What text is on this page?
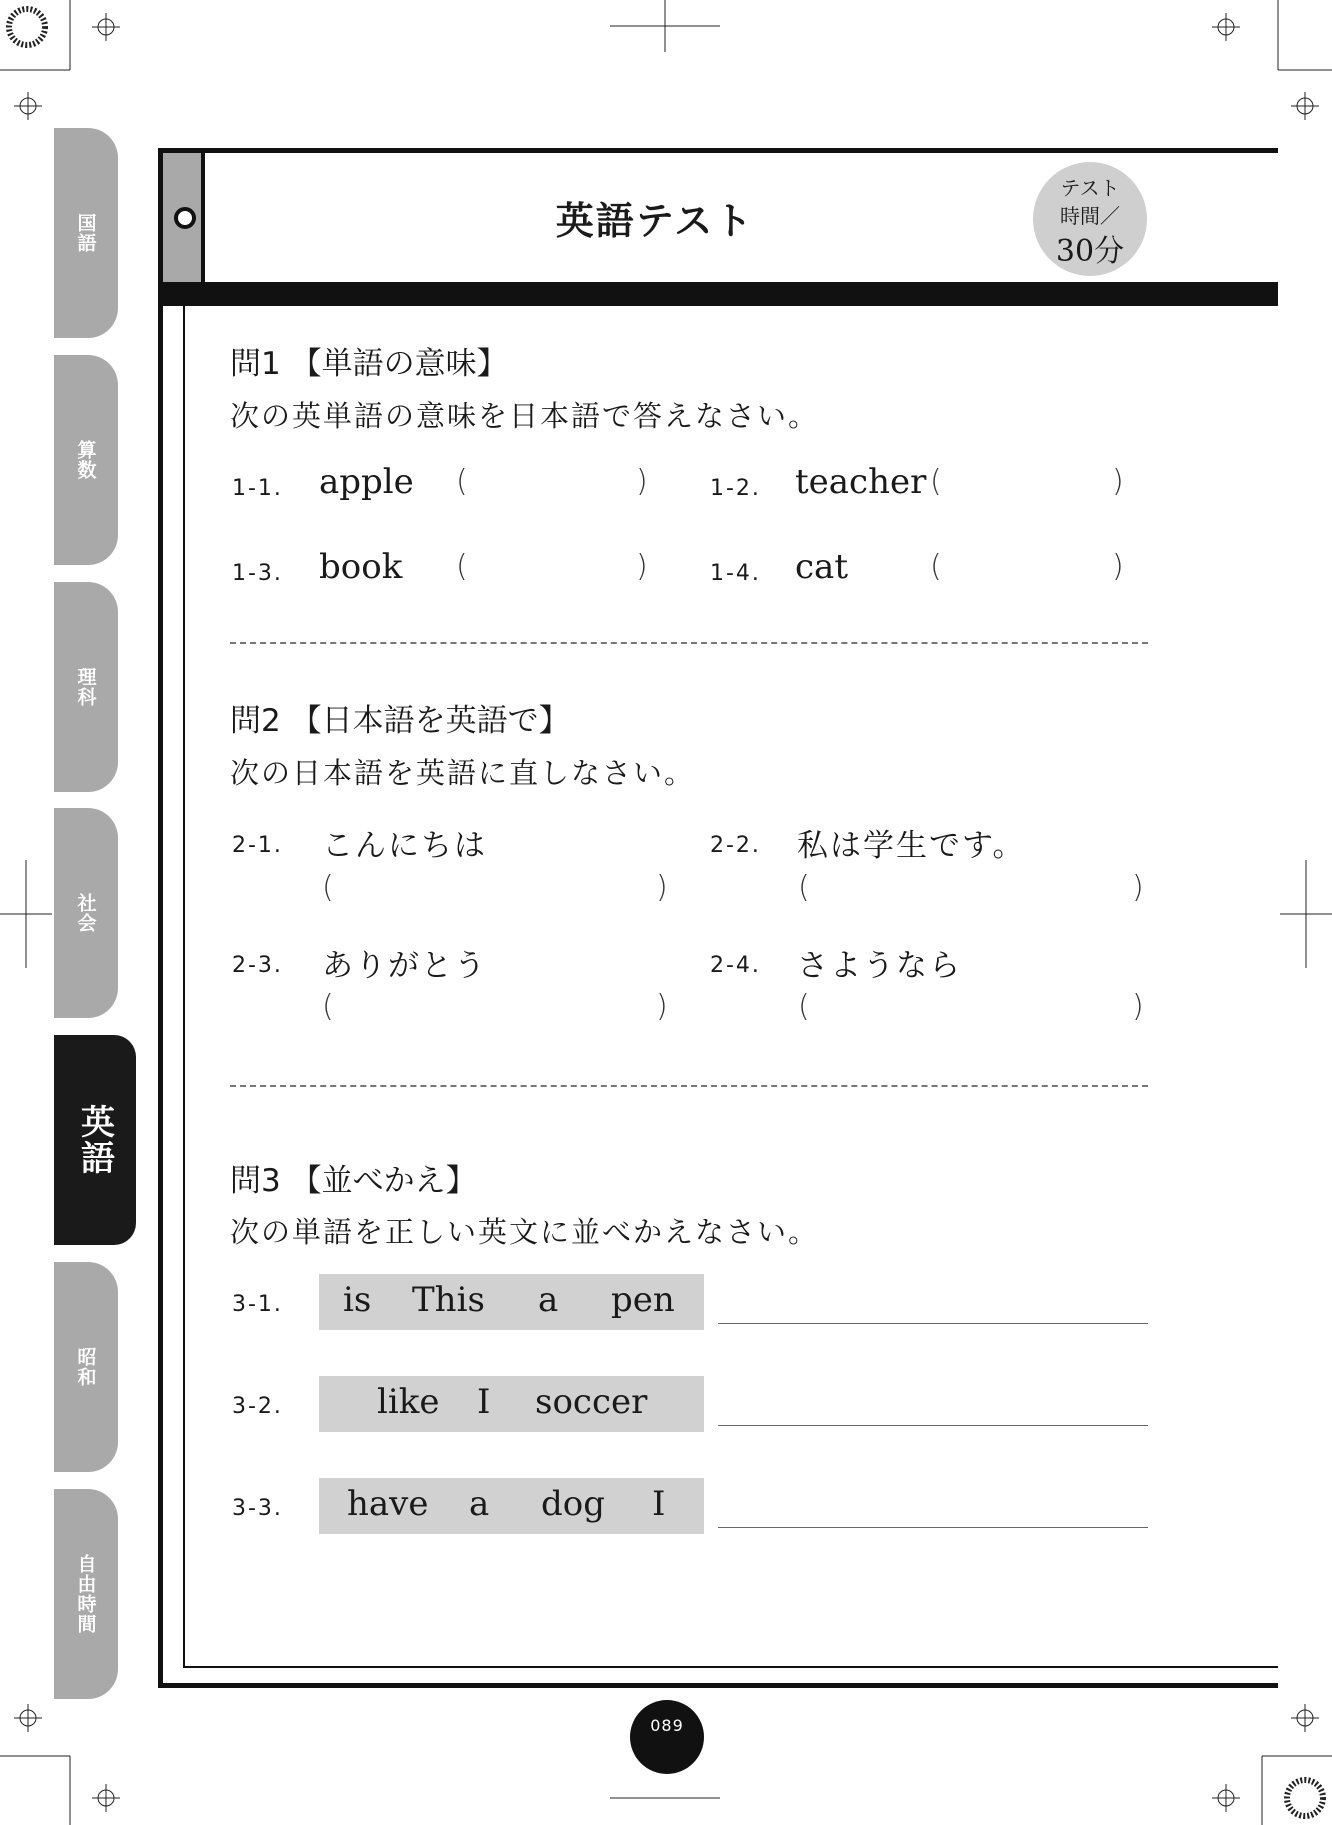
国語
算数
理科
社会
英語
昭和
自由時間
英語テスト
テスト
時間／
30分
問1 【単語の意味】
次の英単語の意味を日本語で答えなさい。
1-1. apple (	)	1-2. teacher (	)
1-3. book (	)	1-4. cat	(	)
問2 【日本語を英語で】
次の日本語を英語に直しなさい。
2-1. こんにちは
(	)
2-2. 私は学生です。
(	)
2-3. ありがとう
(	)
2-4. さようなら
(	)
問3 【並べかえ】
次の単語を正しい英文に並べかえなさい。
3-1. is This a pen
3-2.	like I soccer
3-3. have a dog I
089
